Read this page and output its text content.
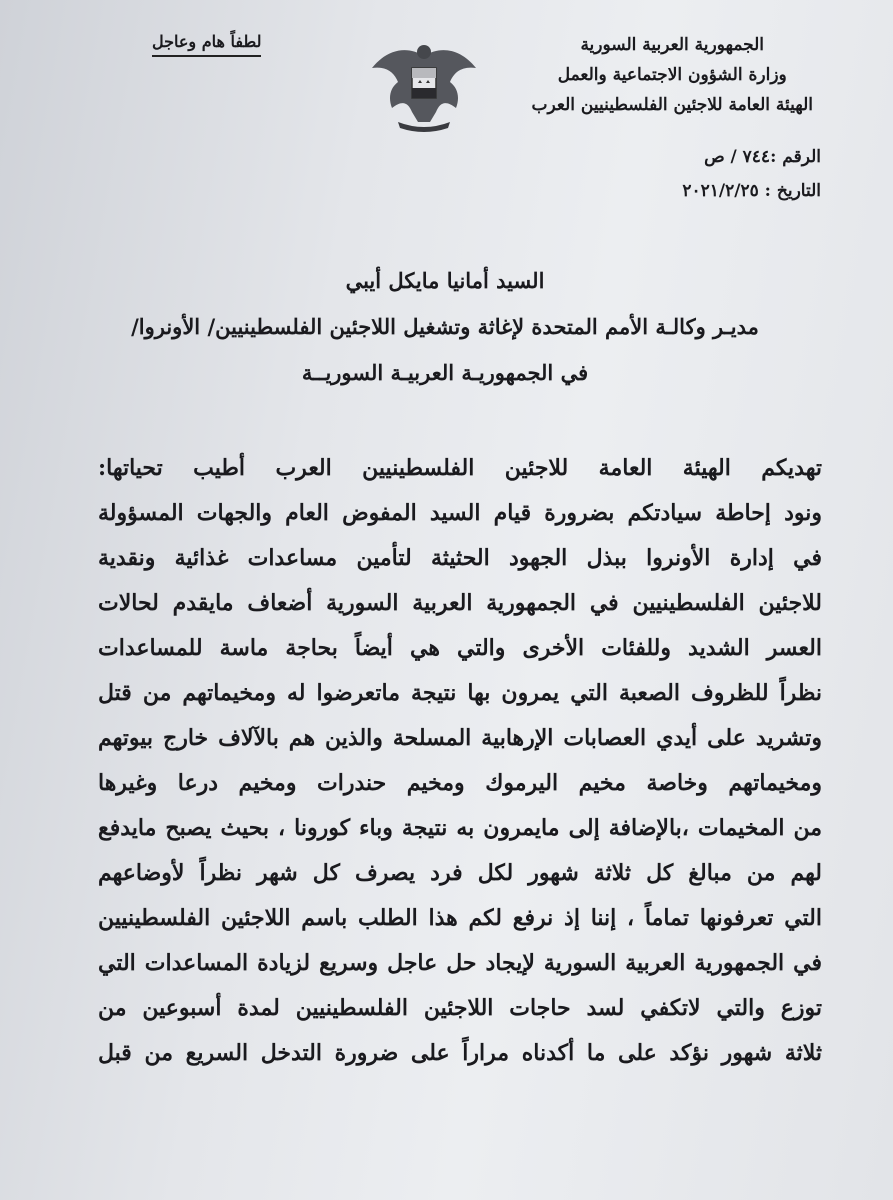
الجمهورية العربية السورية
وزارة الشؤون الاجتماعية والعمل
الهيئة العامة للاجئين الفلسطينيين العرب
الرقم :٧٤٤ / ص
التاريخ : ٢٠٢١/٢/٢٥
لطفاً هام وعاجل
السيد أمانيا مايكل أيبي
مديـر وكالـة الأمم المتحدة لإغاثة وتشغيل اللاجئين الفلسطينيين/ الأونروا/
في الجمهوريـة العربيـة السوريــة
تهديكم الهيئة العامة للاجئين الفلسطينيين العرب أطيب تحياتها:
ونود إحاطة سيادتكم بضرورة قيام السيد المفوض العام والجهات المسؤولة
في إدارة الأونروا ببذل الجهود الحثيثة لتأمين مساعدات غذائية ونقدية
للاجئين الفلسطينيين في الجمهورية العربية السورية أضعاف مايقدم لحالات
العسر الشديد وللفئات الأخرى والتي هي أيضاً بحاجة ماسة للمساعدات
نظراً للظروف الصعبة التي يمرون بها نتيجة ماتعرضوا له ومخيماتهم من قتل
وتشريد على أيدي العصابات الإرهابية المسلحة والذين هم بالآلاف خارج بيوتهم
ومخيماتهم وخاصة مخيم اليرموك ومخيم حندرات ومخيم درعا وغيرها
من المخيمات ،بالإضافة إلى مايمرون به نتيجة وباء كورونا ، بحيث يصبح مايدفع
لهم من مبالغ كل ثلاثة شهور لكل فرد يصرف كل شهر نظراً لأوضاعهم
التي تعرفونها تماماً ، إننا إذ نرفع لكم هذا الطلب باسم اللاجئين الفلسطينيين
في الجمهورية العربية السورية لإيجاد حل عاجل وسريع لزيادة المساعدات التي
توزع والتي لاتكفي لسد حاجات اللاجئين الفلسطينيين لمدة أسبوعين من
ثلاثة شهور نؤكد على ما أكدناه مراراً على ضرورة التدخل السريع من قبل
